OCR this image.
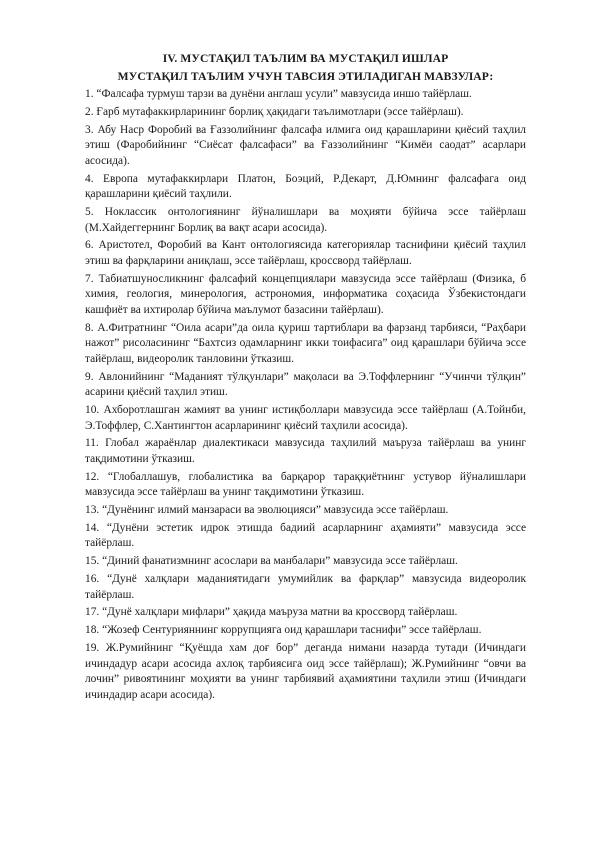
IV. МУСТАҚИЛ ТАЪЛИМ ВА МУСТАҚИЛ ИШЛАР

МУСТАҚИЛ ТАЪЛИМ УЧУН ТАВСИЯ ЭТИЛАДИГАН МАВЗУЛАР:

1. “Фалсафа турмуш тарзи ва дунёни англаш усули” мавзусида иншо тайёрлаш.

2. Ғарб мутафаккирларининг борлиқ ҳақидаги таълимотлари (эссе тайёрлаш).

3. Абу Наср Форобий ва Ғаззолийнинг фалсафа илмига оид қарашларини қиёсий таҳлил этиш (Фаробийнинг “Сиёсат фалсафаси” ва Ғаззолийнинг “Кимёи саодат” асарлари асосида).

4. Европа мутафаккирлари Платон, Боэций, Р.Декарт, Д.Юмнинг фалсафага оид қарашларини қиёсий таҳлили.

5. Ноклассик онтологиянинг йўналишлари ва моҳияти бўйича эссе тайёрлаш (М.Хайдеггернинг Борлиқ ва вақт асари асосида).

6. Аристотел, Форобий ва Кант онтологиясида категориялар таснифини қиёсий таҳлил этиш ва фарқларини аниқлаш, эссе тайёрлаш, кроссворд тайёрлаш.

7. Табиатшуносликнинг фалсафий концепциялари мавзусида эссе тайёрлаш (Физика, б химия, геология, минерология, астрономия, информатика соҳасида Ўзбекистондаги кашфиёт ва ихтиролар бўйича маълумот базасини тайёрлаш).

8. А.Фитратнинг “Оила асари”да оила қуриш тартиблари ва фарзанд тарбияси, “Раҳбари нажот” рисоласининг “Бахтсиз одамларнинг икки тоифасига” оид қарашлари бўйича эссе тайёрлаш, видеоролик танловини ўтказиш.

9. Авлонийнинг “Маданият тўлқунлари” мақоласи ва Э.Тоффлернинг “Учинчи тўлқин” асарини қиёсий таҳлил этиш.

10. Ахборотлашган жамият ва унинг истиқболлари мавзусида эссе тайёрлаш (А.Тойнби, Э.Тоффлер, С.Хантингтон асарларининг қиёсий таҳлили асосида).

11. Глобал жараёнлар диалектикаси мавзусида таҳлилий маъруза тайёрлаш ва унинг тақдимотини ўтказиш.

12. “Глобаллашув, глобалистика ва барқарор тараққиётнинг устувор йўналишлари мавзусида эссе тайёрлаш ва унинг тақдимотини ўтказиш.

13. “Дунёнинг илмий манзараси ва эволюцияси” мавзусида эссе тайёрлаш.

14. “Дунёни эстетик идрок этишда бадиий асарларнинг аҳамияти” мавзусида эссе тайёрлаш.

15. “Диний фанатизмнинг асослари ва манбалари” мавзусида эссе тайёрлаш.

16. “Дунё халқлари маданиятидаги умумийлик ва фарқлар” мавзусида видеоролик тайёрлаш.

17. “Дунё халқлари мифлари” ҳақида маъруза матни ва кроссворд тайёрлаш.

18. “Жозеф Сентурияннинг коррупцияга оид қарашлари таснифи” эссе тайёрлаш.

19. Ж.Румийнинг “Қуёшда хам доғ бор” деганда нимани назарда тутади (Ичиндаги ичиндадур асари асосида ахлоқ тарбиясига оид эссе тайёрлаш); Ж.Румийнинг “овчи ва лочин” ривоятининг моҳияти ва унинг тарбиявий аҳамиятини таҳлили этиш (Ичиндаги ичиндадир асари асосида).
